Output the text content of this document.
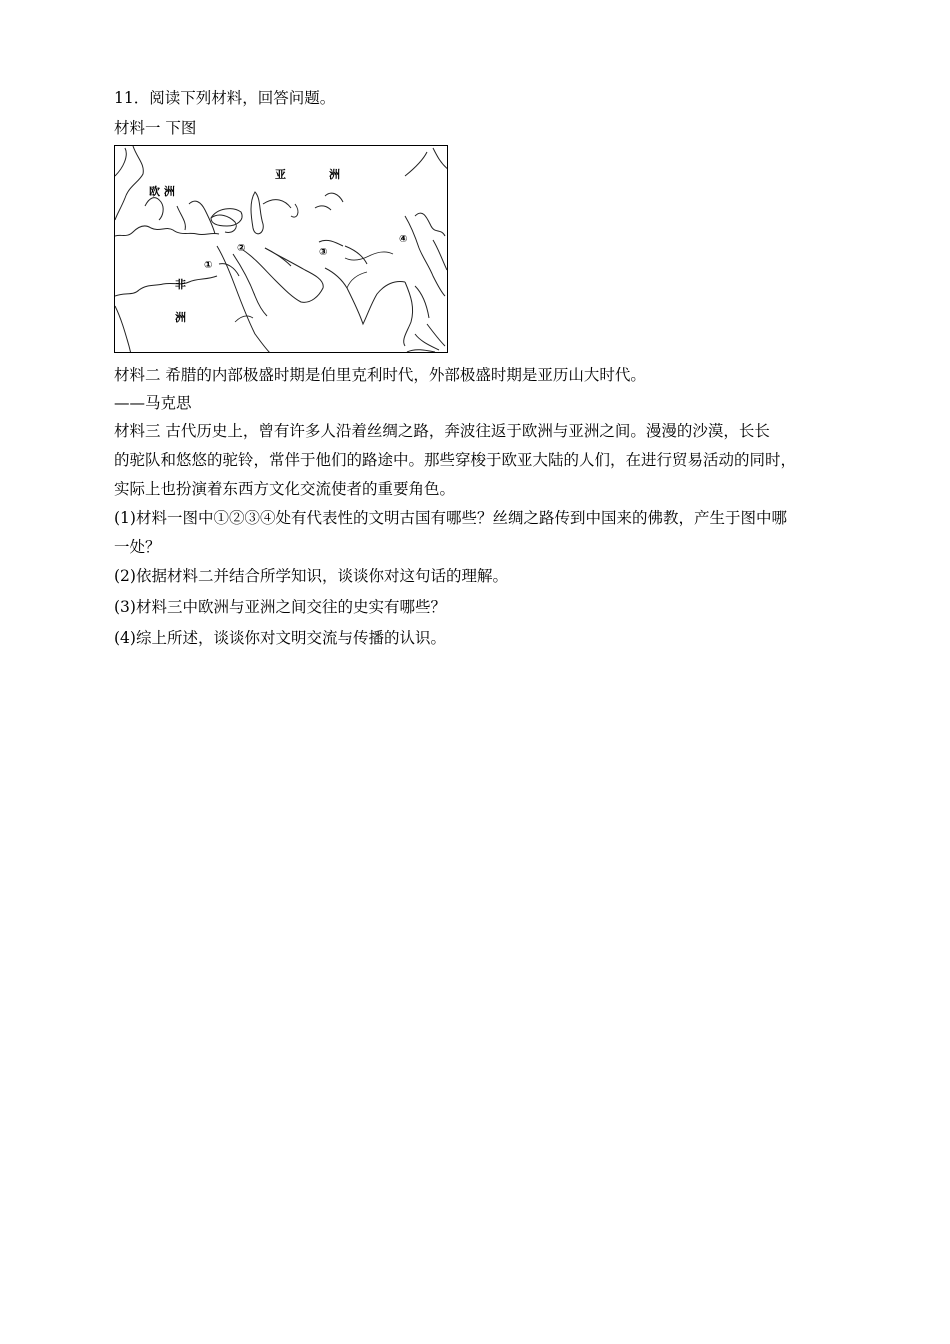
11．阅读下列材料，回答问题。
材料一 下图
欧 洲
亚	洲
非
洲
①
②	③
④
材料二 希腊的内部极盛时期是伯里克利时代，外部极盛时期是亚历山大时代。
——马克思
材料三 古代历史上，曾有许多人沿着丝绸之路，奔波往返于欧洲与亚洲之间。漫漫的沙漠，长长
的驼队和悠悠的驼铃，常伴于他们的路途中。那些穿梭于欧亚大陆的人们，在进行贸易活动的同时，
实际上也扮演着东西方文化交流使者的重要角色。
(1)材料一图中①②③④处有代表性的文明古国有哪些？丝绸之路传到中国来的佛教，产生于图中哪
一处？
(2)依据材料二并结合所学知识，谈谈你对这句话的理解。
(3)材料三中欧洲与亚洲之间交往的史实有哪些？
(4)综上所述，谈谈你对文明交流与传播的认识。
